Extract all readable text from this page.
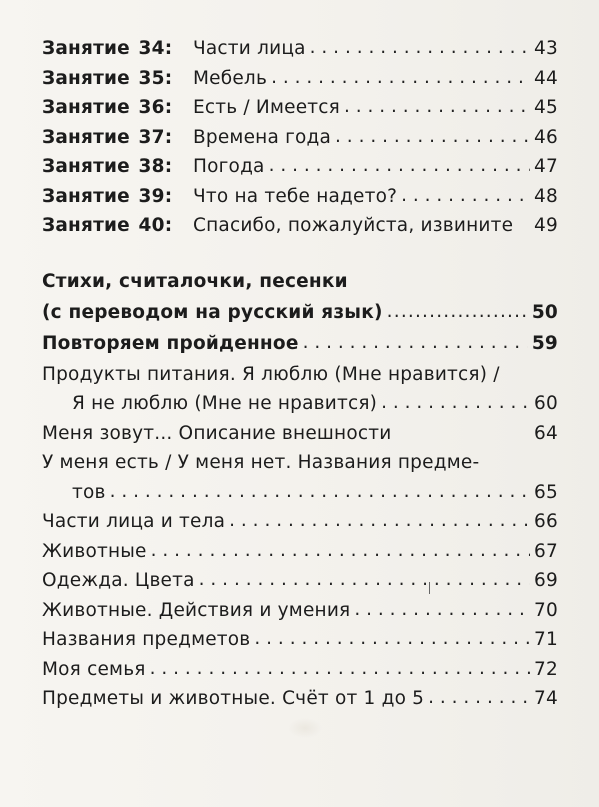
Занятие 34:	Части лица . . .	43
Занятие 35:	Мебель . . .	44
Занятие 36:	Есть / Имеется . . .	45
Занятие 37:	Времена года . . .	46
Занятие 38:	Погода . . .	47
Занятие 39:	Что на тебе надето? . . .	48
Занятие 40:	Спасибо, пожалуйста, извините 49
Стихи, считалочки, песенки
(с переводом на русский язык) .....	50
Повторяем пройденное . . .	59
Продукты питания. Я люблю (Мне нравится) /
Я не люблю (Мне не нравится) . . .	60
Меня зовут... Описание внешности	64
У меня есть / У меня нет. Названия предме-
тов . . .	65
Части лица и тела . . .	66
Животные . . .	67
Одежда. Цвета . . .	69
Животные. Действия и умения . . .	70
Названия предметов . . .	71
Моя семья . . .	72
Предметы и животные. Счёт от 1 до 5 . . .	74
